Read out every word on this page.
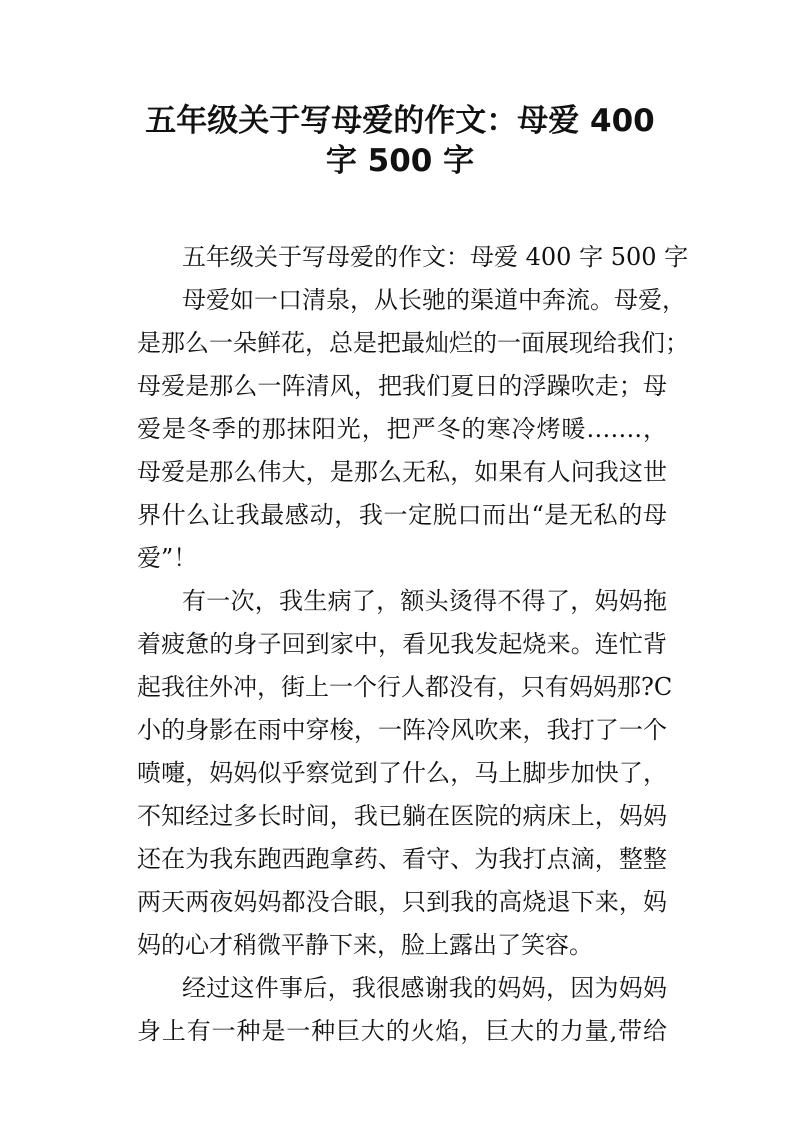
五年级关于写母爱的作文：母爱 400
字 500 字
五年级关于写母爱的作文：母爱 400 字 500 字
母爱如一口清泉，从长驰的渠道中奔流。母爱，
是那么一朵鲜花，总是把最灿烂的一面展现给我们；
母爱是那么一阵清风，把我们夏日的浮躁吹走；母
爱是冬季的那抹阳光，把严冬的寒冷烤暖…….，
母爱是那么伟大，是那么无私，如果有人问我这世
界什么让我最感动，我一定脱口而出“是无私的母
爱”！
有一次，我生病了，额头烫得不得了，妈妈拖
着疲惫的身子回到家中，看见我发起烧来。连忙背
起我往外冲，街上一个行人都没有，只有妈妈那?C
小的身影在雨中穿梭，一阵冷风吹来，我打了一个
喷嚏，妈妈似乎察觉到了什么，马上脚步加快了，
不知经过多长时间，我已躺在医院的病床上，妈妈
还在为我东跑西跑拿药、看守、为我打点滴，整整
两天两夜妈妈都没合眼，只到我的高烧退下来，妈
妈的心才稍微平静下来，脸上露出了笑容。
经过这件事后，我很感谢我的妈妈，因为妈妈
身上有一种是一种巨大的火焰，巨大的力量,带给
